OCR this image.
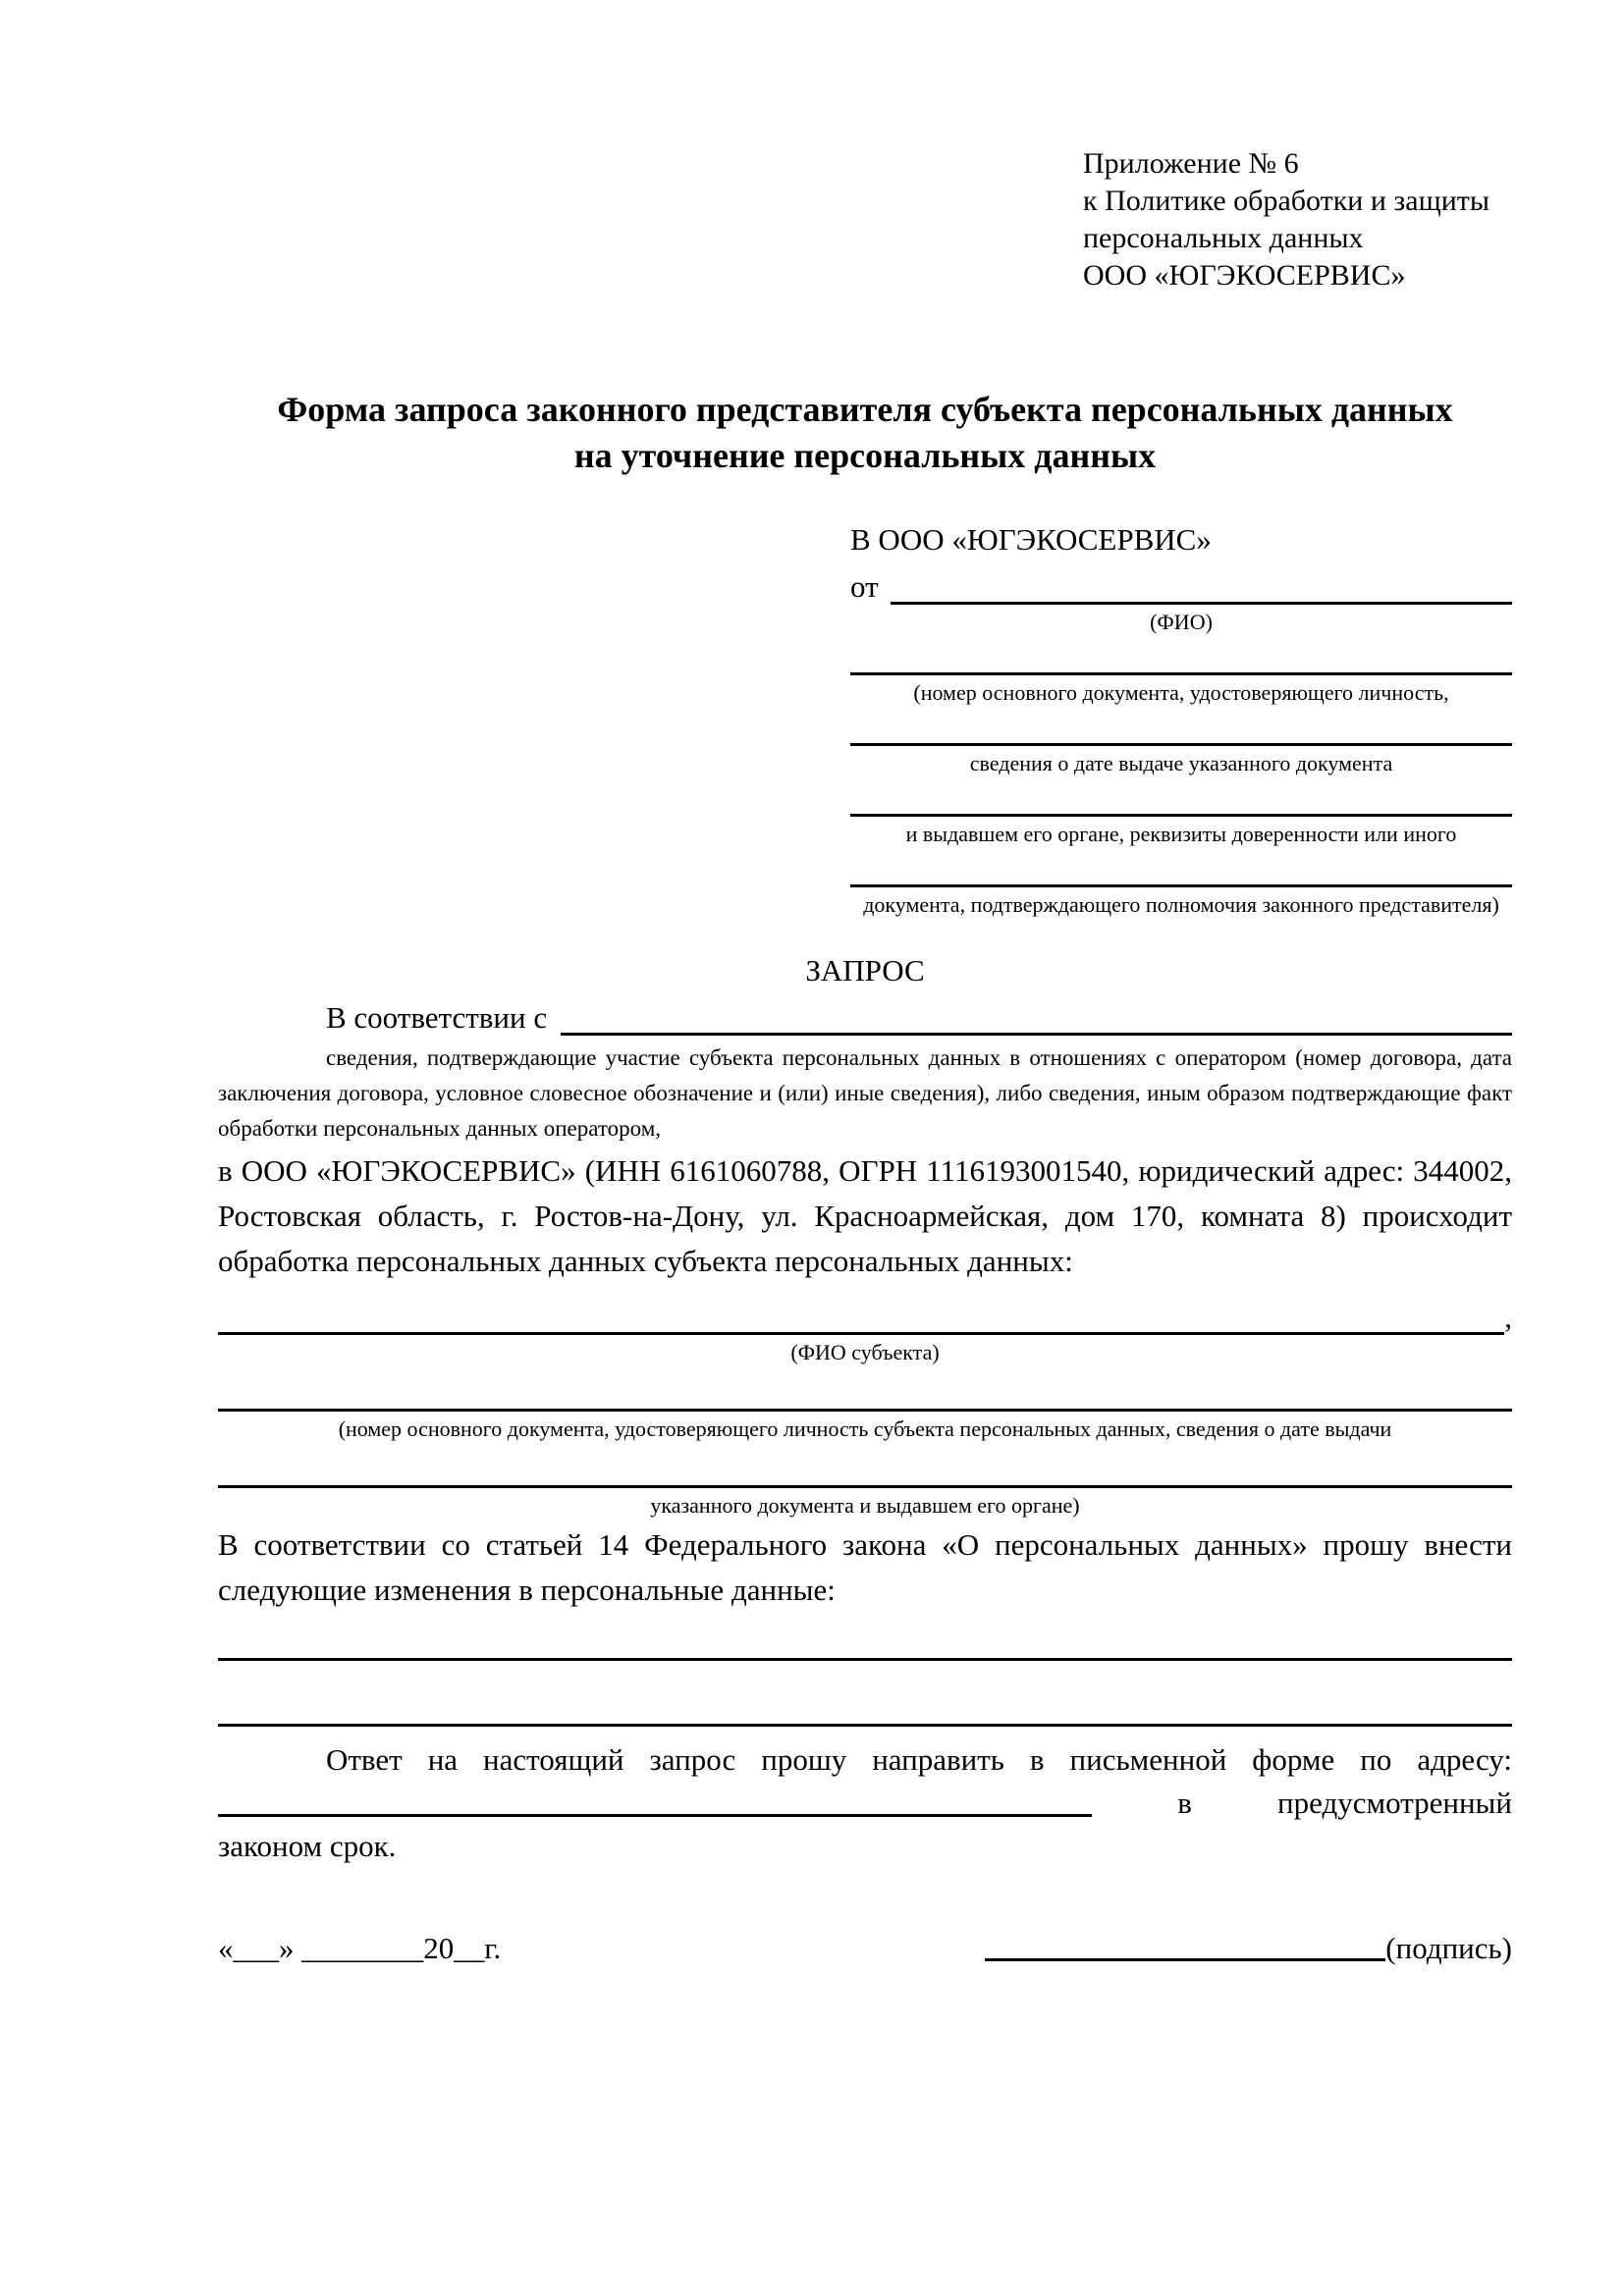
Приложение № 6
к Политике обработки и защиты
персональных данных
ООО «ЮГЭКОСЕРВИС»
Форма запроса законного представителя субъекта персональных данных
на уточнение персональных данных
В ООО «ЮГЭКОСЕРВИС»
от
(ФИО)
(номер основного документа, удостоверяющего личность,
сведения о дате выдаче указанного документа
и выдавшем его органе, реквизиты доверенности или иного
документа, подтверждающего полномочия законного представителя)
ЗАПРОС
В соответствии с
сведения, подтверждающие участие субъекта персональных данных в отношениях с оператором (номер договора, дата заключения договора, условное словесное обозначение и (или) иные сведения), либо сведения, иным образом подтверждающие факт обработки персональных данных оператором,

в ООО «ЮГЭКОСЕРВИС» (ИНН 6161060788, ОГРН 1116193001540, юридический адрес: 344002, Ростовская область, г. Ростов-на-Дону, ул. Красноармейская, дом 170, комната 8) происходит обработка персональных данных субъекта персональных данных:

,
(ФИО субъекта)
(номер основного документа, удостоверяющего личность субъекта персональных данных, сведения о дате выдачи
указанного документа и выдавшем его органе)

В соответствии со статьей 14 Федерального закона «О персональных данных» прошу внести следующие изменения в персональные данные:

Ответ на настоящий запрос прошу направить в письменной форме по адресу:
в	предусмотренный
законом срок.
«___» ________20__г.	(подпись)
